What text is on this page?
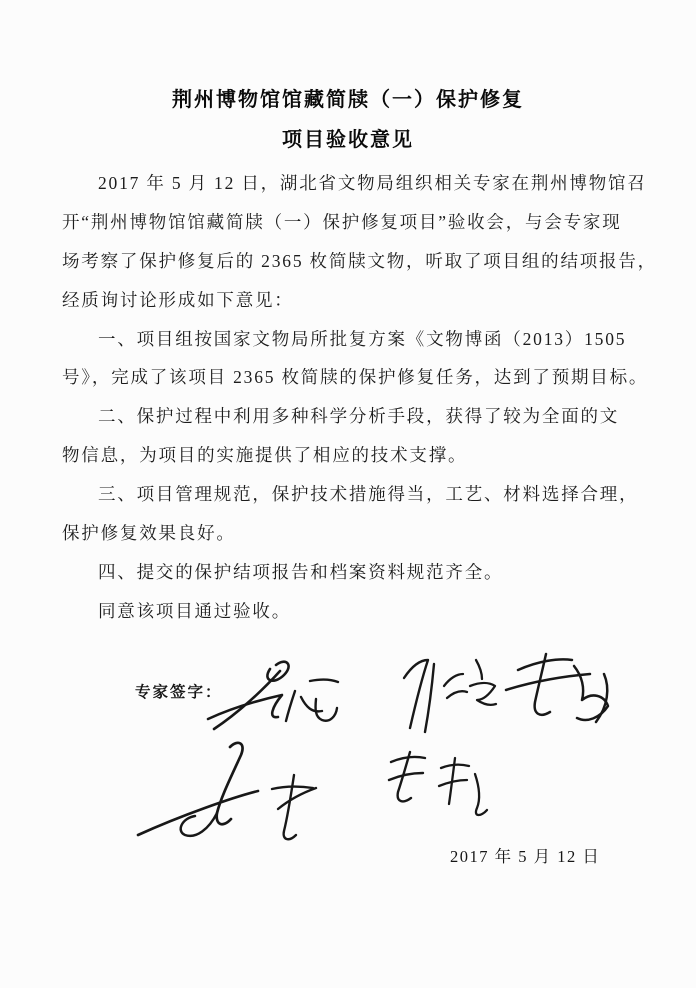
荆州博物馆馆藏简牍（一）保护修复
项目验收意见
2017 年 5 月 12 日，湖北省文物局组织相关专家在荆州博物馆召
开“荆州博物馆馆藏简牍（一）保护修复项目”验收会，与会专家现
场考察了保护修复后的 2365 枚简牍文物，听取了项目组的结项报告，
经质询讨论形成如下意见：
一、项目组按国家文物局所批复方案《文物博函（2013）1505
号》，完成了该项目 2365 枚简牍的保护修复任务，达到了预期目标。
二、保护过程中利用多种科学分析手段，获得了较为全面的文
物信息，为项目的实施提供了相应的技术支撑。
三、项目管理规范，保护技术措施得当，工艺、材料选择合理，
保护修复效果良好。
四、提交的保护结项报告和档案资料规范齐全。
同意该项目通过验收。
专家签字：
2017 年 5 月 12 日
